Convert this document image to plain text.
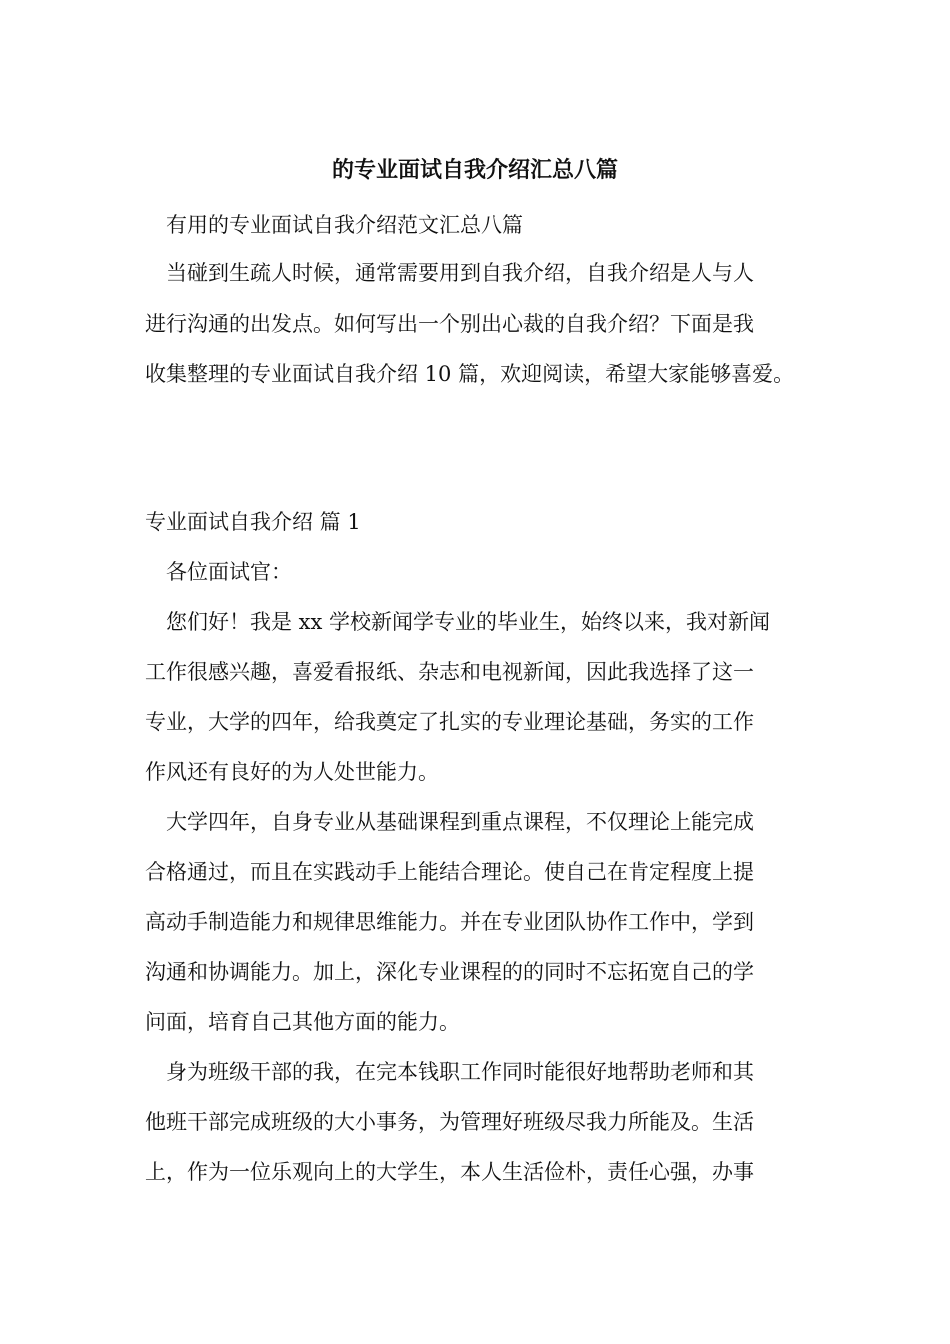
的专业面试自我介绍汇总八篇
有用的专业面试自我介绍范文汇总八篇
当碰到生疏人时候，通常需要用到自我介绍，自我介绍是人与人
进行沟通的出发点。如何写出一个别出心裁的自我介绍？下面是我
收集整理的专业面试自我介绍 10 篇，欢迎阅读，希望大家能够喜爱。
专业面试自我介绍 篇 1
各位面试官：
您们好！我是 xx 学校新闻学专业的毕业生，始终以来，我对新闻
工作很感兴趣，喜爱看报纸、杂志和电视新闻，因此我选择了这一
专业，大学的四年，给我奠定了扎实的专业理论基础，务实的工作
作风还有良好的为人处世能力。
大学四年，自身专业从基础课程到重点课程，不仅理论上能完成
合格通过，而且在实践动手上能结合理论。使自己在肯定程度上提
高动手制造能力和规律思维能力。并在专业团队协作工作中，学到
沟通和协调能力。加上，深化专业课程的的同时不忘拓宽自己的学
问面，培育自己其他方面的能力。
身为班级干部的我，在完本钱职工作同时能很好地帮助老师和其
他班干部完成班级的大小事务，为管理好班级尽我力所能及。生活
上，作为一位乐观向上的大学生，本人生活俭朴，责任心强，办事
